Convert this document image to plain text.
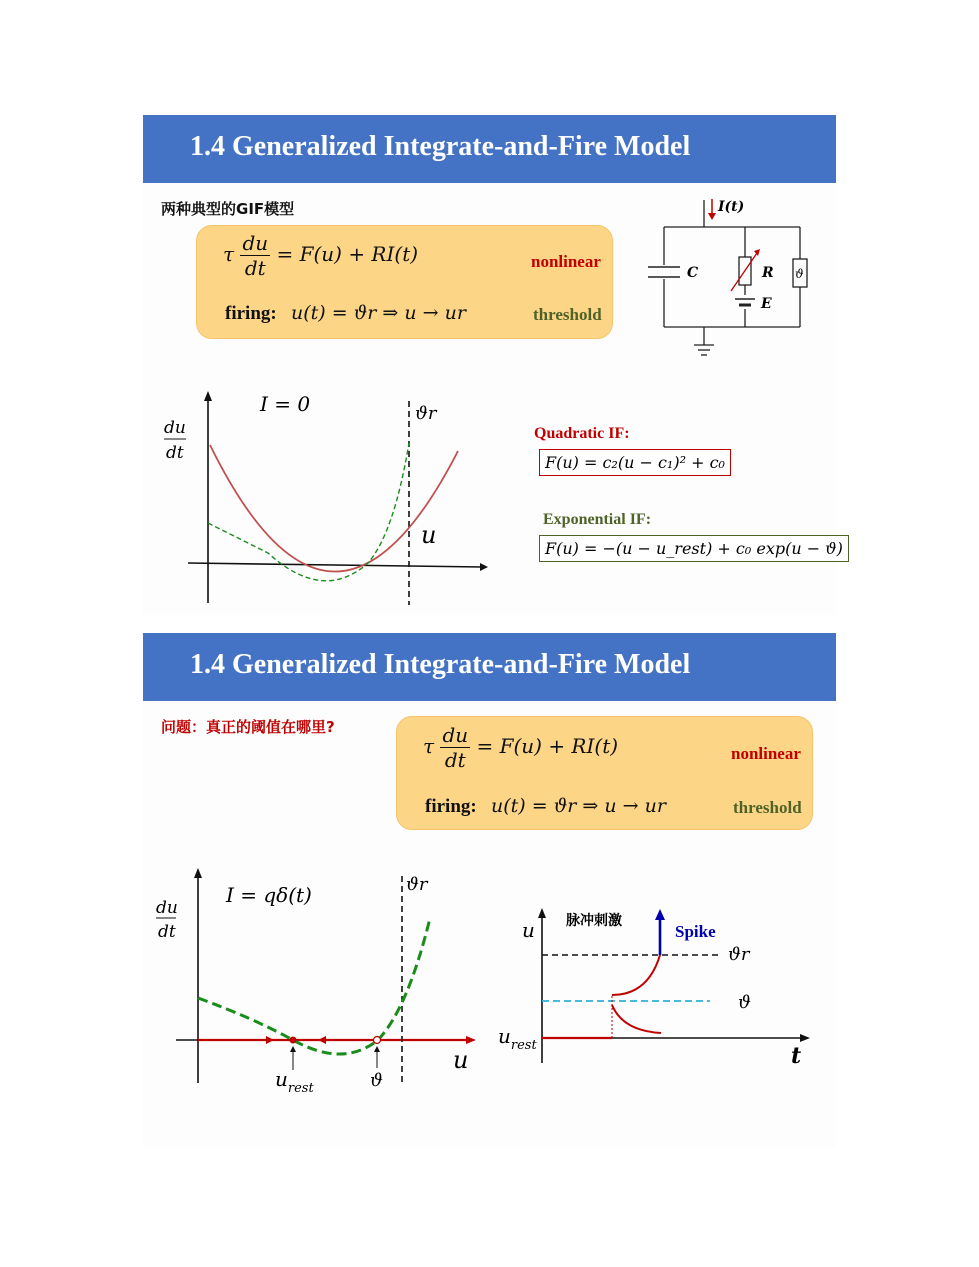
1.4 Generalized Integrate-and-Fire Model
两种典型的GIF模型
τ $\frac{du}{dt} = F(u) + RI(t)$	nonlinear
firing: u(t) = ϑr ⇒ u → ur	threshold
I(t)
C	R
E
ϑ
du
dt
I = 0	ϑr
u
Quadratic IF:
F(u) = c₂(u − c₁)² + c₀
Exponential IF:
F(u) = −(u − u_rest) + c₀ exp(u − ϑ)
1.4 Generalized Integrate-and-Fire Model
问题：真正的阈值在哪里?
τ $\frac{du}{dt} = F(u) + RI(t)$	nonlinear
firing: u(t) = ϑr ⇒ u → ur	threshold
du
dt
I = qδ(t)	ϑr
u
$u_{rest}$	ϑ
脉冲刺激
Spike
u
ϑr
ϑ
$u_{rest}$	t
